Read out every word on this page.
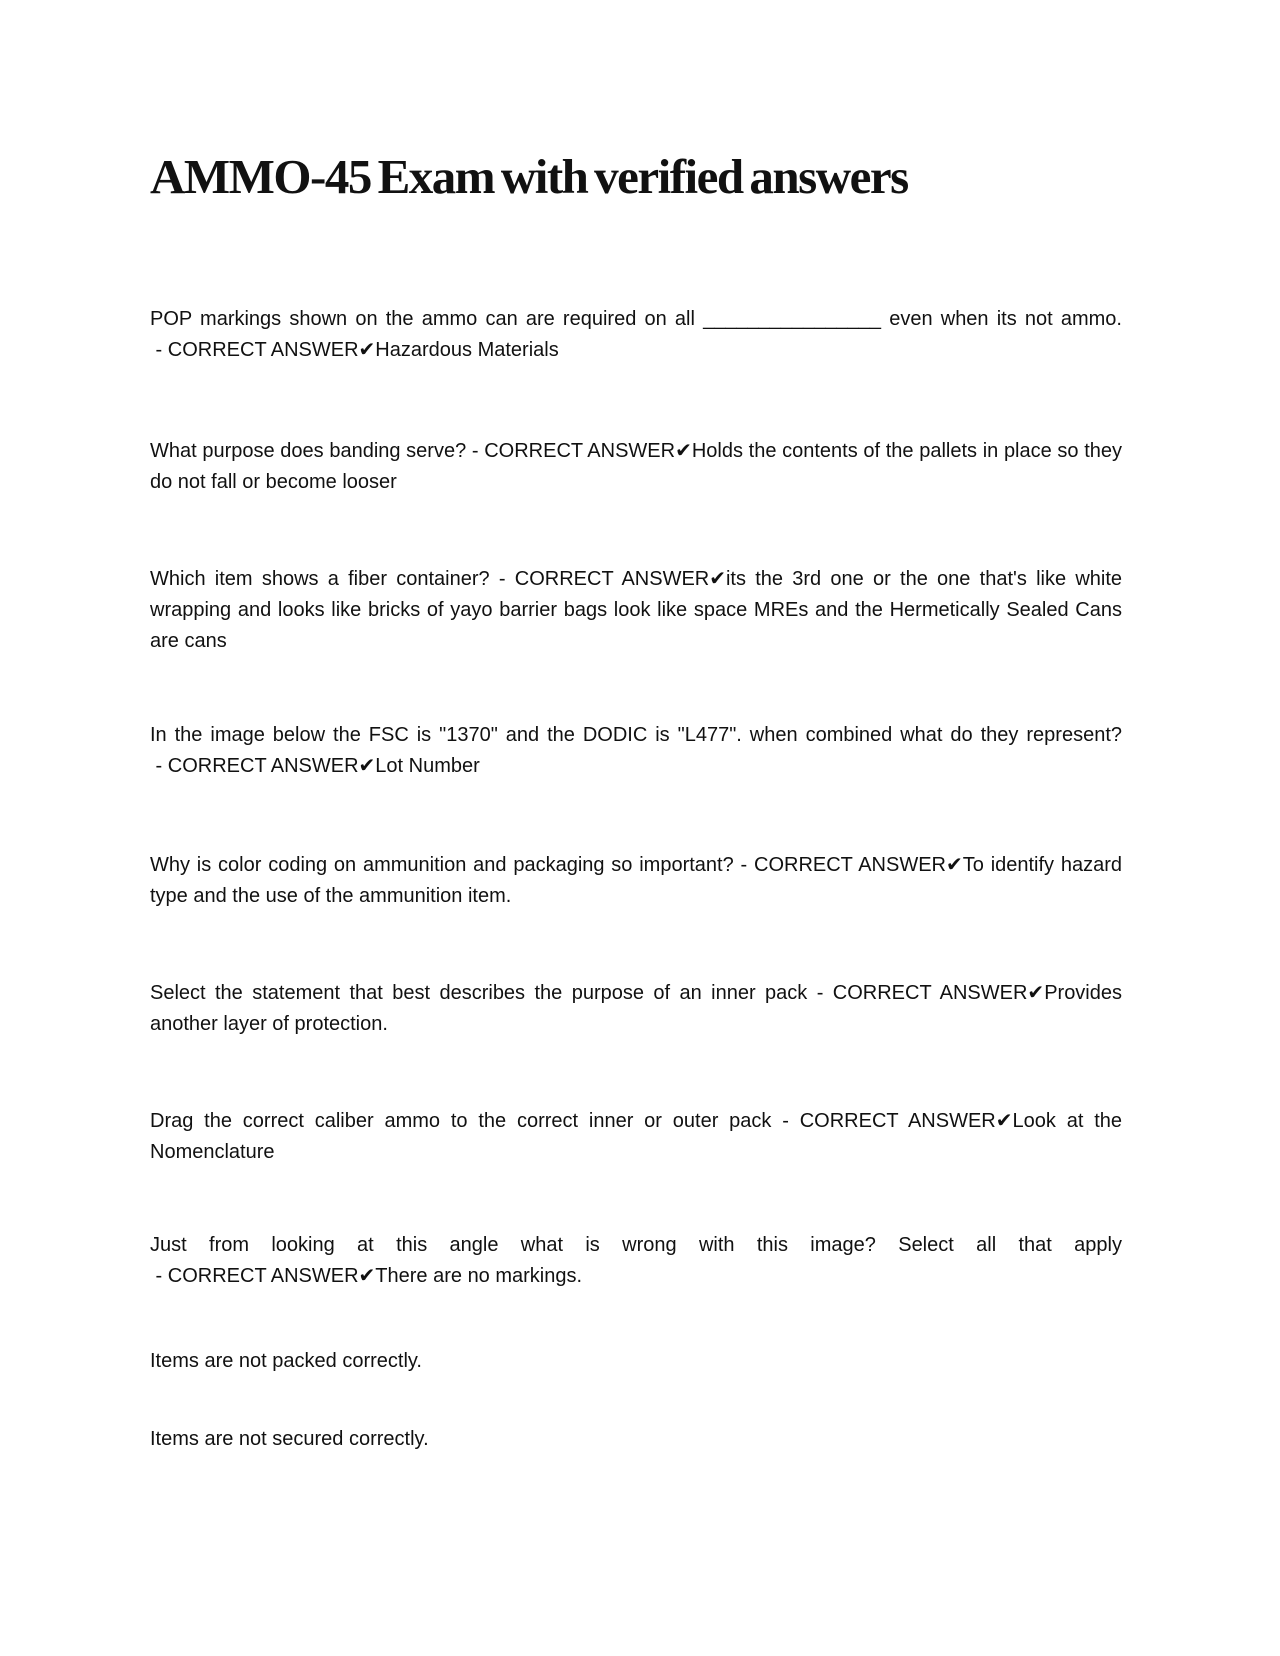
AMMO-45 Exam with verified answers

POP markings shown on the ammo can are required on all ________________ even when its not ammo. - CORRECT ANSWER✔Hazardous Materials

What purpose does banding serve? - CORRECT ANSWER✔Holds the contents of the pallets in place so they do not fall or become looser

Which item shows a fiber container? - CORRECT ANSWER✔its the 3rd one or the one that's like white wrapping and looks like bricks of yayo barrier bags look like space MREs and the Hermetically Sealed Cans are cans

In the image below the FSC is "1370" and the DODIC is "L477". when combined what do they represent? - CORRECT ANSWER✔Lot Number

Why is color coding on ammunition and packaging so important? - CORRECT ANSWER✔To identify hazard type and the use of the ammunition item.

Select the statement that best describes the purpose of an inner pack - CORRECT ANSWER✔Provides another layer of protection.

Drag the correct caliber ammo to the correct inner or outer pack - CORRECT ANSWER✔Look at the Nomenclature

Just from looking at this angle what is wrong with this image? Select all that apply - CORRECT ANSWER✔There are no markings.

Items are not packed correctly.

Items are not secured correctly.
